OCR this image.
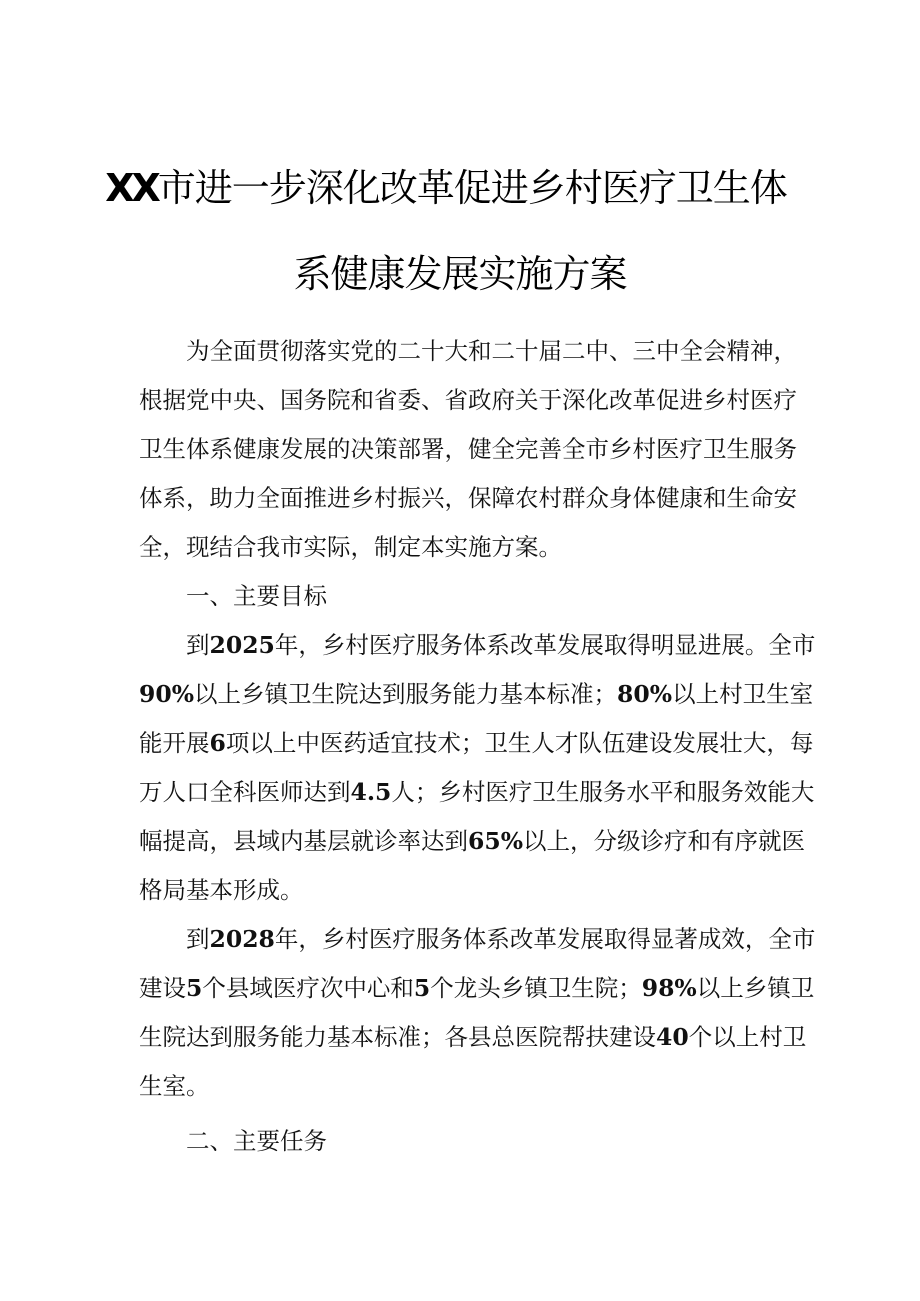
XX市进一步深化改革促进乡村医疗卫生体
系健康发展实施方案
为全面贯彻落实党的二十大和二十届二中、三中全会精神，
根据党中央、国务院和省委、省政府关于深化改革促进乡村医疗
卫生体系健康发展的决策部署，健全完善全市乡村医疗卫生服务
体系，助力全面推进乡村振兴，保障农村群众身体健康和生命安
全，现结合我市实际，制定本实施方案。
一、主要目标
到2025年，乡村医疗服务体系改革发展取得明显进展。全市
90%以上乡镇卫生院达到服务能力基本标准；80%以上村卫生室
能开展6项以上中医药适宜技术；卫生人才队伍建设发展壮大，每
万人口全科医师达到4.5人；乡村医疗卫生服务水平和服务效能大
幅提高，县域内基层就诊率达到65%以上，分级诊疗和有序就医
格局基本形成。
到2028年，乡村医疗服务体系改革发展取得显著成效，全市
建设5个县域医疗次中心和5个龙头乡镇卫生院；98%以上乡镇卫
生院达到服务能力基本标准；各县总医院帮扶建设40个以上村卫
生室。
二、主要任务
